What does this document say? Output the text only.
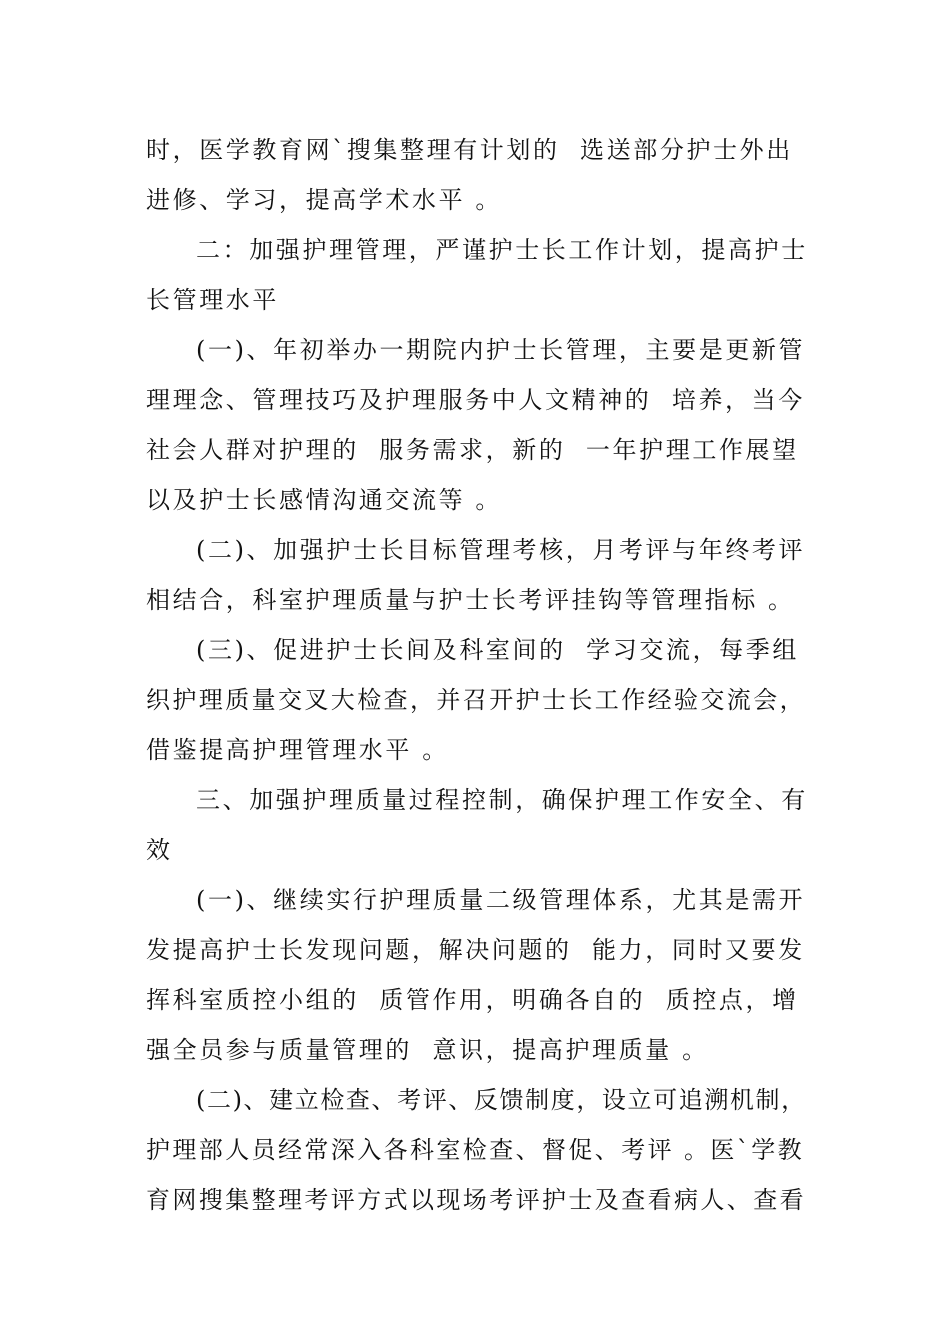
时，医学教育网`搜集整理有计划的  选送部分护士外出
进修、学习，提高学术水平 。
二：加强护理管理，严谨护士长工作计划，提高护士
长管理水平
(一)、年初举办一期院内护士长管理，主要是更新管
理理念、管理技巧及护理服务中人文精神的  培养，当今
社会人群对护理的  服务需求，新的  一年护理工作展望
以及护士长感情沟通交流等 。
(二)、加强护士长目标管理考核，月考评与年终考评
相结合，科室护理质量与护士长考评挂钩等管理指标 。
(三)、促进护士长间及科室间的  学习交流，每季组
织护理质量交叉大检查，并召开护士长工作经验交流会，
借鉴提高护理管理水平 。
三、加强护理质量过程控制，确保护理工作安全、有
效
(一)、继续实行护理质量二级管理体系，尤其是需开
发提高护士长发现问题，解决问题的  能力，同时又要发
挥科室质控小组的  质管作用，明确各自的  质控点，增
强全员参与质量管理的  意识，提高护理质量 。
(二)、建立检查、考评、反馈制度，设立可追溯机制，
护理部人员经常深入各科室检查、督促、考评 。医`学教
育网搜集整理考评方式以现场考评护士及查看病人、查看
